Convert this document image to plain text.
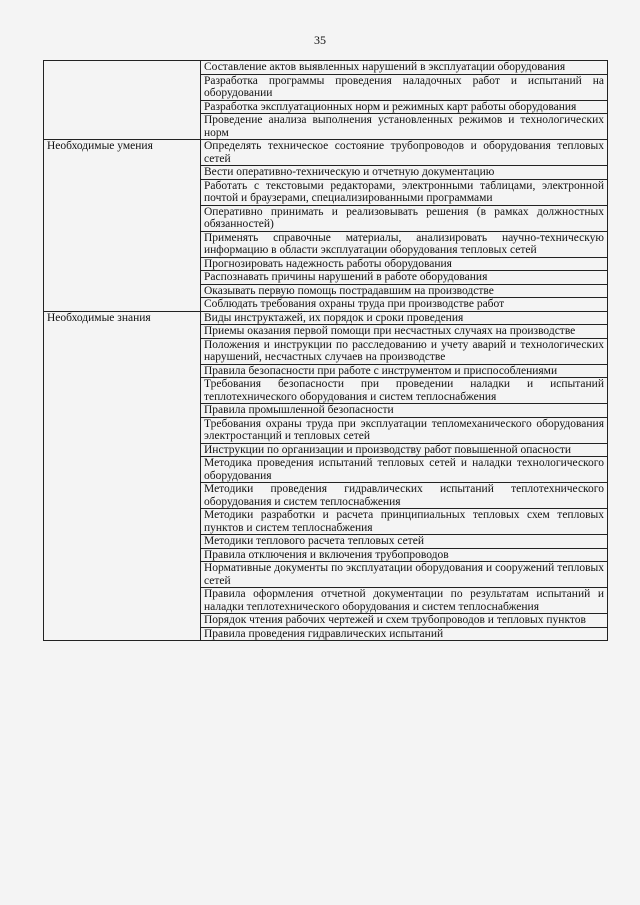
35
	Составление актов выявленных нарушений в эксплуатации оборудования
	Разработка программы проведения наладочных работ и испытаний на оборудовании
	Разработка эксплуатационных норм и режимных карт работы оборудования
	Проведение анализа выполнения установленных режимов и технологических норм
Необходимые умения	Определять техническое состояние трубопроводов и оборудования тепловых сетей
	Вести оперативно-техническую и отчетную документацию
	Работать с текстовыми редакторами, электронными таблицами, электронной почтой и браузерами, специализированными программами
	Оперативно принимать и реализовывать решения (в рамках должностных обязанностей)
	Применять справочные материалы, анализировать научно-техническую информацию в области эксплуатации оборудования тепловых сетей
	Прогнозировать надежность работы оборудования
	Распознавать причины нарушений в работе оборудования
	Оказывать первую помощь пострадавшим на производстве
	Соблюдать требования охраны труда при производстве работ
Необходимые знания	Виды инструктажей, их порядок и сроки проведения
	Приемы оказания первой помощи при несчастных случаях на производстве
	Положения и инструкции по расследованию и учету аварий и технологических нарушений, несчастных случаев на производстве
	Правила безопасности при работе с инструментом и приспособлениями
	Требования безопасности при проведении наладки и испытаний теплотехнического оборудования и систем теплоснабжения
	Правила промышленной безопасности
	Требования охраны труда при эксплуатации тепломеханического оборудования электростанций и тепловых сетей
	Инструкции по организации и производству работ повышенной опасности
	Методика проведения испытаний тепловых сетей и наладки технологического оборудования
	Методики проведения гидравлических испытаний теплотехнического оборудования и систем теплоснабжения
	Методики разработки и расчета принципиальных тепловых схем тепловых пунктов и систем теплоснабжения
	Методики теплового расчета тепловых сетей
	Правила отключения и включения трубопроводов
	Нормативные документы по эксплуатации оборудования и сооружений тепловых сетей
	Правила оформления отчетной документации по результатам испытаний и наладки теплотехнического оборудования и систем теплоснабжения
	Порядок чтения рабочих чертежей и схем трубопроводов и тепловых пунктов
	Правила проведения гидравлических испытаний
